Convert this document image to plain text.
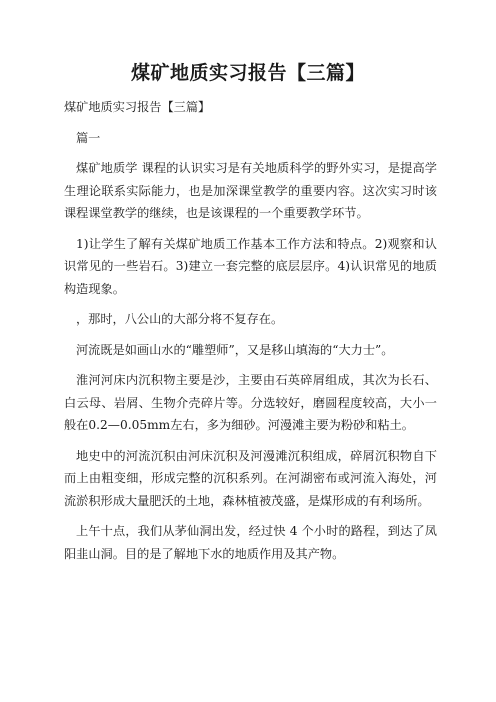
煤矿地质实习报告【三篇】

煤矿地质实习报告【三篇】

篇一

煤矿地质学 课程的认识实习是有关地质科学的野外实习，是提高学生理论联系实际能力，也是加深课堂教学的重要内容。这次实习时该课程课堂教学的继续，也是该课程的一个重要教学环节。

1)让学生了解有关煤矿地质工作基本工作方法和特点。2)观察和认识常见的一些岩石。3)建立一套完整的底层层序。4)认识常见的地质构造现象。

，那时，八公山的大部分将不复存在。

河流既是如画山水的“雕塑师”，又是移山填海的“大力士”。

淮河河床内沉积物主要是沙，主要由石英碎屑组成，其次为长石、白云母、岩屑、生物介壳碎片等。分选较好，磨圆程度较高，大小一般在0.2—0.05mm左右，多为细砂。河漫滩主要为粉砂和粘土。

地史中的河流沉积由河床沉积及河漫滩沉积组成，碎屑沉积物自下而上由粗变细，形成完整的沉积系列。在河湖密布或河流入海处，河流淤积形成大量肥沃的土地，森林植被茂盛，是煤形成的有利场所。

上午十点，我们从茅仙洞出发，经过快 4 个小时的路程，到达了凤阳韭山洞。目的是了解地下水的地质作用及其产物。
